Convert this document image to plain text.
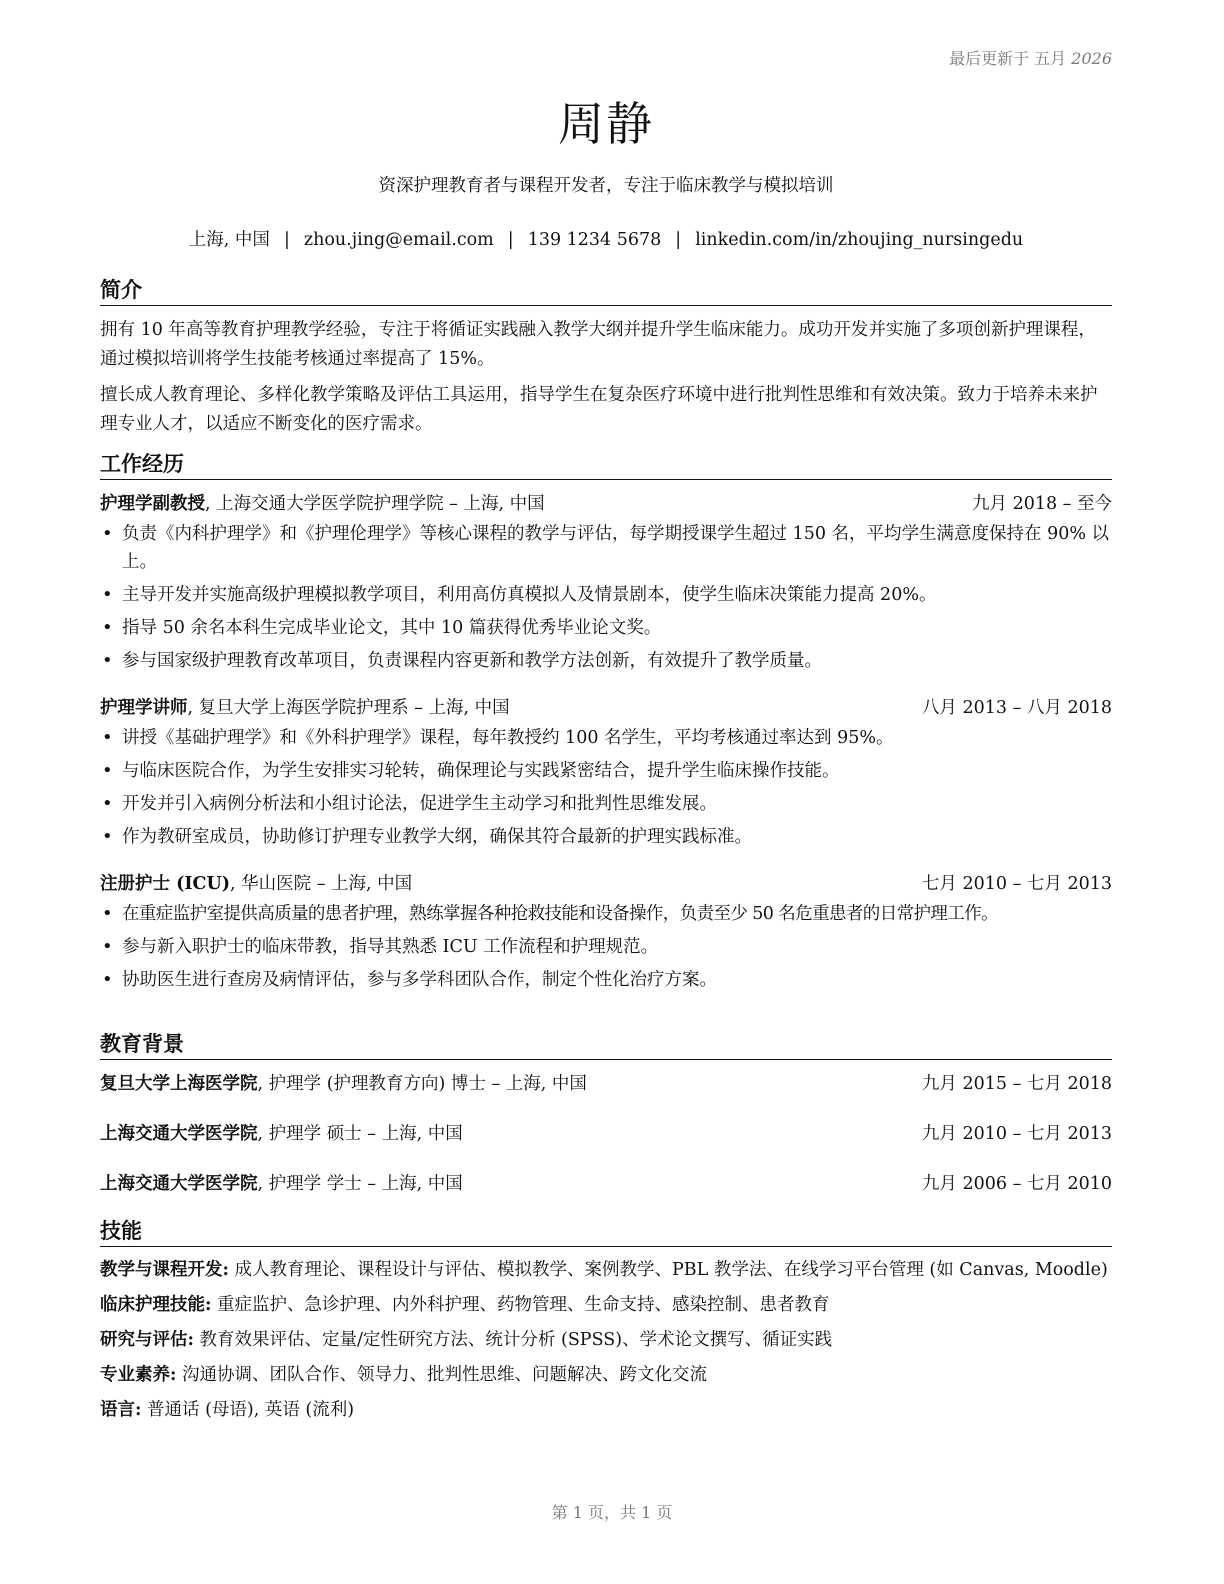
最后更新于 五月 2026
周静
资深护理教育者与课程开发者，专注于临床教学与模拟培训
上海, 中国 | zhou.jing@email.com | 139 1234 5678 | linkedin.com/in/zhoujing_nursingedu
简介

拥有 10 年高等教育护理教学经验，专注于将循证实践融入教学大纲并提升学生临床能力。成功开发并实施了多项创新护理课程，通过模拟培训将学生技能考核通过率提高了 15%。

擅长成人教育理论、多样化教学策略及评估工具运用，指导学生在复杂医疗环境中进行批判性思维和有效决策。致力于培养未来护理专业人才，以适应不断变化的医疗需求。

工作经历
护理学副教授, 上海交通大学医学院护理学院 – 上海, 中国	九月 2018 – 至今
• 负责《内科护理学》和《护理伦理学》等核心课程的教学与评估，每学期授课学生超过 150 名，平均学生满意度保持在 90% 以上。
• 主导开发并实施高级护理模拟教学项目，利用高仿真模拟人及情景剧本，使学生临床决策能力提高 20%。
• 指导 50 余名本科生完成毕业论文，其中 10 篇获得优秀毕业论文奖。
• 参与国家级护理教育改革项目，负责课程内容更新和教学方法创新，有效提升了教学质量。
护理学讲师, 复旦大学上海医学院护理系 – 上海, 中国	八月 2013 – 八月 2018
• 讲授《基础护理学》和《外科护理学》课程，每年教授约 100 名学生，平均考核通过率达到 95%。
• 与临床医院合作，为学生安排实习轮转，确保理论与实践紧密结合，提升学生临床操作技能。
• 开发并引入病例分析法和小组讨论法，促进学生主动学习和批判性思维发展。
• 作为教研室成员，协助修订护理专业教学大纲，确保其符合最新的护理实践标准。
注册护士 (ICU), 华山医院 – 上海, 中国	七月 2010 – 七月 2013
• 在重症监护室提供高质量的患者护理，熟练掌握各种抢救技能和设备操作，负责至少 50 名危重患者的日常护理工作。
• 参与新入职护士的临床带教，指导其熟悉 ICU 工作流程和护理规范。
• 协助医生进行查房及病情评估，参与多学科团队合作，制定个性化治疗方案。
教育背景
复旦大学上海医学院, 护理学 (护理教育方向) 博士 – 上海, 中国	九月 2015 – 七月 2018
上海交通大学医学院, 护理学 硕士 – 上海, 中国	九月 2010 – 七月 2013
上海交通大学医学院, 护理学 学士 – 上海, 中国	九月 2006 – 七月 2010
技能
教学与课程开发: 成人教育理论、课程设计与评估、模拟教学、案例教学、PBL 教学法、在线学习平台管理 (如 Canvas, Moodle)
临床护理技能: 重症监护、急诊护理、内外科护理、药物管理、生命支持、感染控制、患者教育
研究与评估: 教育效果评估、定量/定性研究方法、统计分析 (SPSS)、学术论文撰写、循证实践
专业素养: 沟通协调、团队合作、领导力、批判性思维、问题解决、跨文化交流
语言: 普通话 (母语), 英语 (流利)
第 1 页，共 1 页
